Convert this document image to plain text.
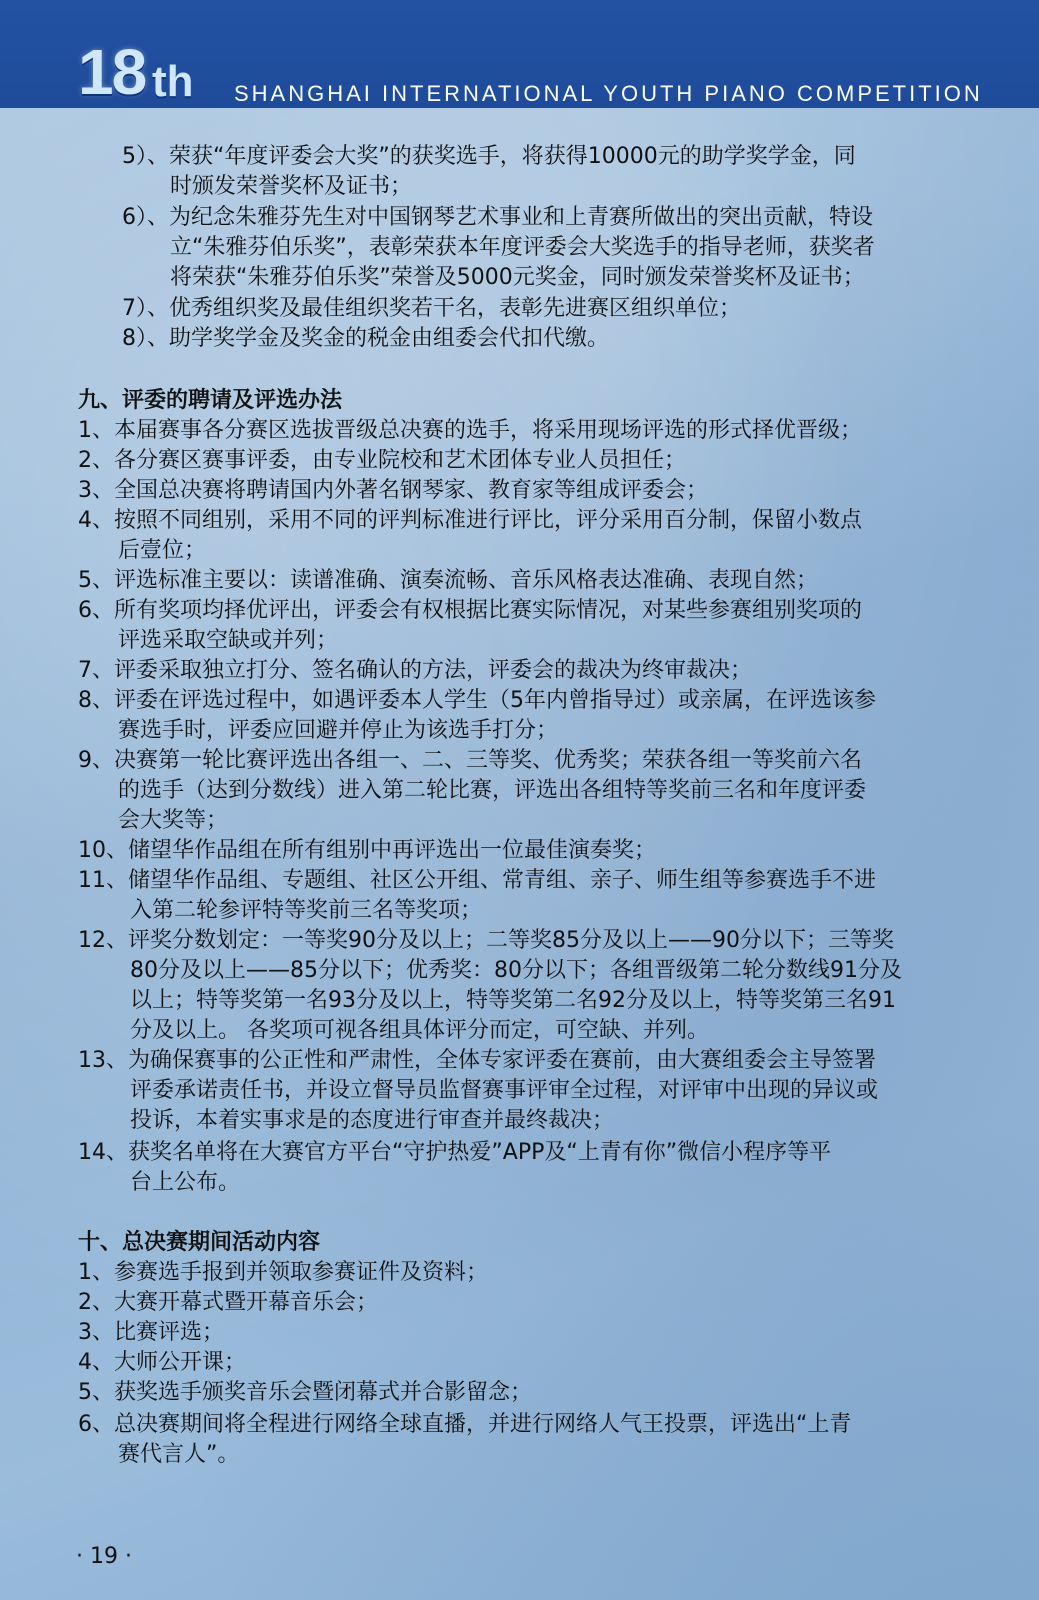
18 th SHANGHAI INTERNATIONAL YOUTH PIANO COMPETITION
5）、荣获“年度评委会大奖”的获奖选手，将获得10000元的助学奖学金，同
时颁发荣誉奖杯及证书；
6）、为纪念朱雅芬先生对中国钢琴艺术事业和上青赛所做出的突出贡献，特设
立“朱雅芬伯乐奖”，表彰荣获本年度评委会大奖选手的指导老师，获奖者
将荣获“朱雅芬伯乐奖”荣誉及5000元奖金，同时颁发荣誉奖杯及证书；
7）、优秀组织奖及最佳组织奖若干名，表彰先进赛区组织单位；
8）、助学奖学金及奖金的税金由组委会代扣代缴。
九、评委的聘请及评选办法
1、本届赛事各分赛区选拔晋级总决赛的选手，将采用现场评选的形式择优晋级；
2、各分赛区赛事评委，由专业院校和艺术团体专业人员担任；
3、全国总决赛将聘请国内外著名钢琴家、教育家等组成评委会；
4、按照不同组别，采用不同的评判标准进行评比，评分采用百分制，保留小数点
后壹位；
5、评选标准主要以：读谱准确、演奏流畅、音乐风格表达准确、表现自然；
6、所有奖项均择优评出，评委会有权根据比赛实际情况，对某些参赛组别奖项的
评选采取空缺或并列；
7、评委采取独立打分、签名确认的方法，评委会的裁决为终审裁决；
8、评委在评选过程中，如遇评委本人学生（5年内曾指导过）或亲属，在评选该参
赛选手时，评委应回避并停止为该选手打分；
9、决赛第一轮比赛评选出各组一、二、三等奖、优秀奖；荣获各组一等奖前六名
的选手（达到分数线）进入第二轮比赛，评选出各组特等奖前三名和年度评委
会大奖等；
10、储望华作品组在所有组别中再评选出一位最佳演奏奖；
11、储望华作品组、专题组、社区公开组、常青组、亲子、师生组等参赛选手不进
入第二轮参评特等奖前三名等奖项；
12、评奖分数划定：一等奖90分及以上；二等奖85分及以上——90分以下；三等奖
80分及以上——85分以下；优秀奖：80分以下；各组晋级第二轮分数线91分及
以上；特等奖第一名93分及以上，特等奖第二名92分及以上，特等奖第三名91
分及以上。 各奖项可视各组具体评分而定，可空缺、并列。
13、为确保赛事的公正性和严肃性，全体专家评委在赛前，由大赛组委会主导签署
评委承诺责任书，并设立督导员监督赛事评审全过程，对评审中出现的异议或
投诉，本着实事求是的态度进行审查并最终裁决；
14、获奖名单将在大赛官方平台“守护热爱”APP及“上青有你”微信小程序等平
台上公布。
十、总决赛期间活动内容
1、参赛选手报到并领取参赛证件及资料；
2、大赛开幕式暨开幕音乐会；
3、比赛评选；
4、大师公开课；
5、获奖选手颁奖音乐会暨闭幕式并合影留念；
6、总决赛期间将全程进行网络全球直播，并进行网络人气王投票，评选出“上青
赛代言人”。
· 19 ·
